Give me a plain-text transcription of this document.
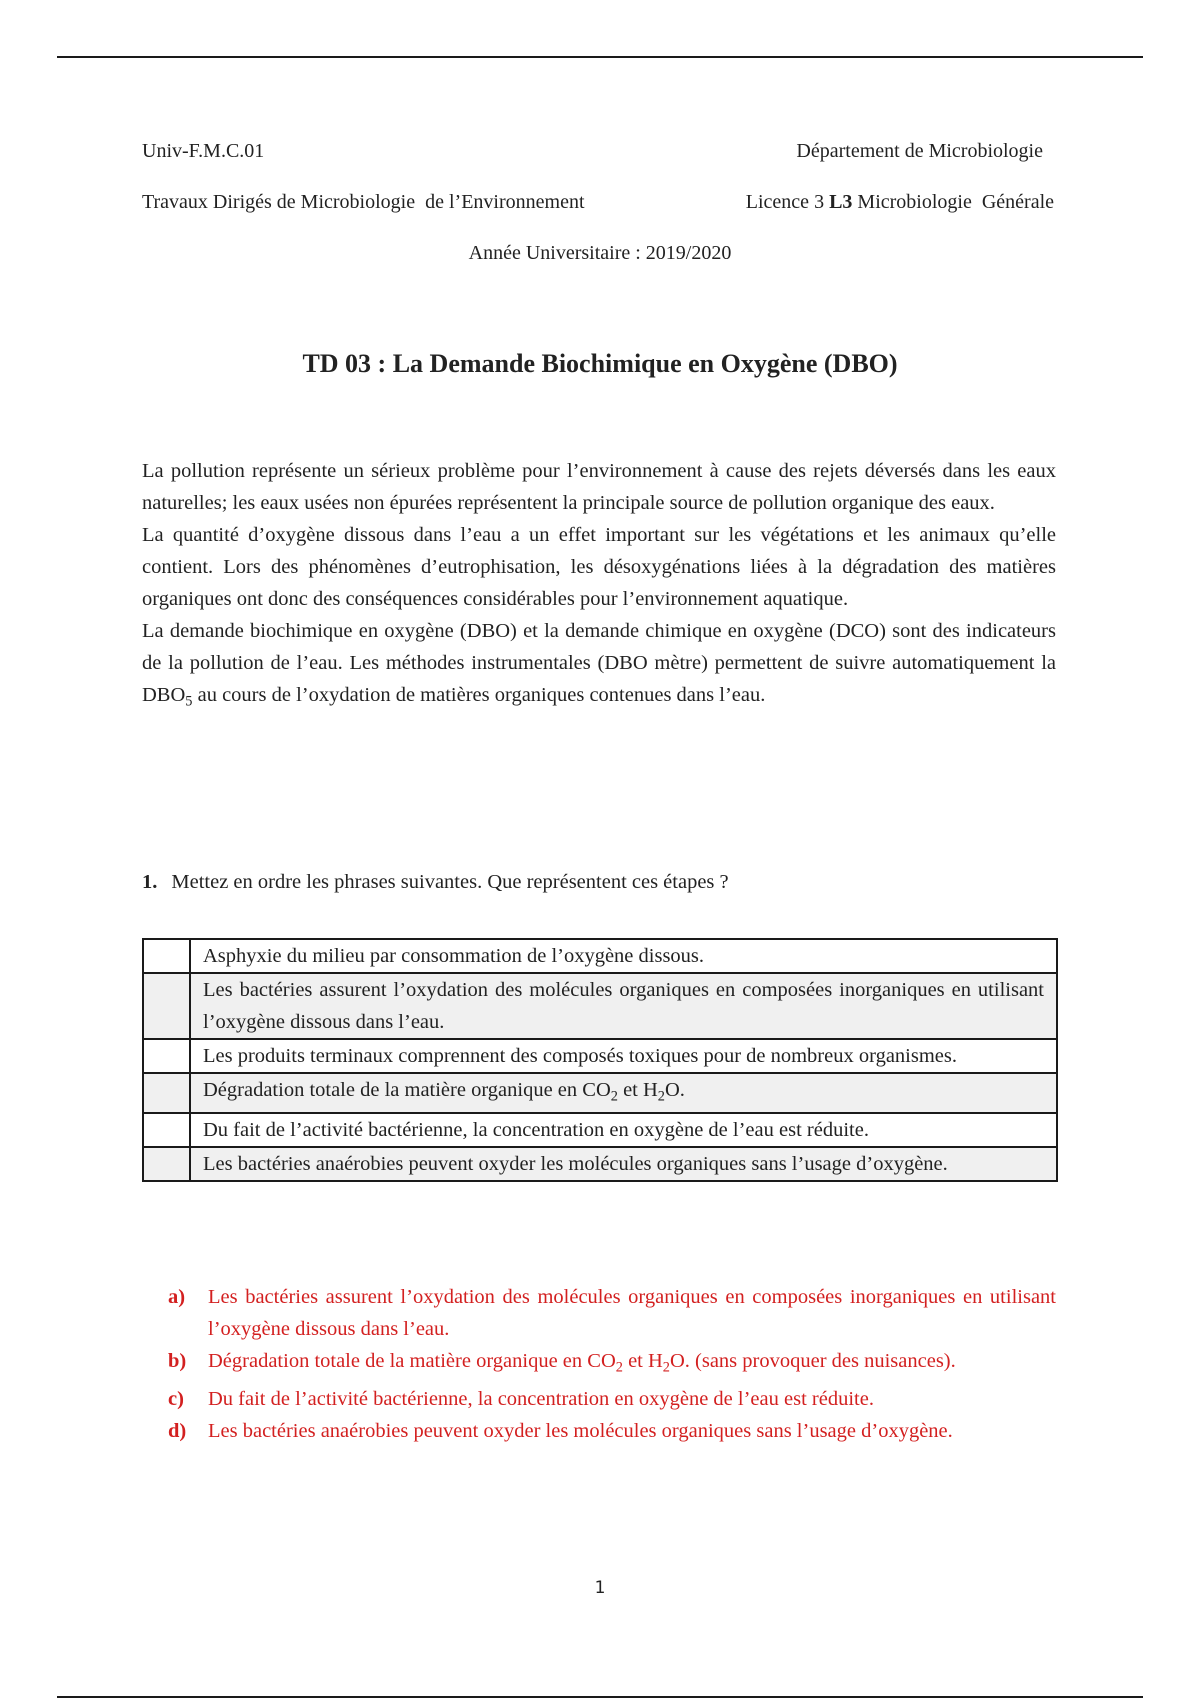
Univ-F.M.C.01	Département de Microbiologie
Travaux Dirigés de Microbiologie  de l’Environnement	Licence 3 L3 Microbiologie  Générale
Année Universitaire : 2019/2020
TD 03 : La Demande Biochimique en Oxygène (DBO)

La pollution représente un sérieux problème pour l’environnement à cause des rejets déversés dans les eaux naturelles; les eaux usées non épurées représentent la principale source de pollution organique des eaux.

La quantité d’oxygène dissous dans l’eau a un effet important sur les végétations et les animaux qu’elle contient. Lors des phénomènes d’eutrophisation, les désoxygénations liées à la dégradation des matières organiques ont donc des conséquences considérables pour l’environnement aquatique.

La demande biochimique en oxygène (DBO) et la demande chimique en oxygène (DCO) sont des indicateurs de la pollution de l’eau. Les méthodes instrumentales (DBO mètre) permettent de suivre automatiquement la $DBO_5$ au cours de l’oxydation de matières organiques contenues dans l’eau.

1. Mettez en ordre les phrases suivantes. Que représentent ces étapes ?
	Asphyxie du milieu par consommation de l’oxygène dissous.
	Les bactéries assurent l’oxydation des molécules organiques en composées inorganiques en utilisant l’oxygène dissous dans l’eau.
	Les produits terminaux comprennent des composés toxiques pour de nombreux organismes.
	Dégradation totale de la matière organique en $CO_2$ et $H_2O$.
	Du fait de l’activité bactérienne, la concentration en oxygène de l’eau est réduite.
	Les bactéries anaérobies peuvent oxyder les molécules organiques sans l’usage d’oxygène.
a)	Les bactéries assurent l’oxydation des molécules organiques en composées inorganiques en utilisant l’oxygène dissous dans l’eau.
b)	Dégradation totale de la matière organique en $CO_2$ et $H_2O$. (sans provoquer des nuisances).
c)	Du fait de l’activité bactérienne, la concentration en oxygène de l’eau est réduite.
d)	Les bactéries anaérobies peuvent oxyder les molécules organiques sans l’usage d’oxygène.
1
